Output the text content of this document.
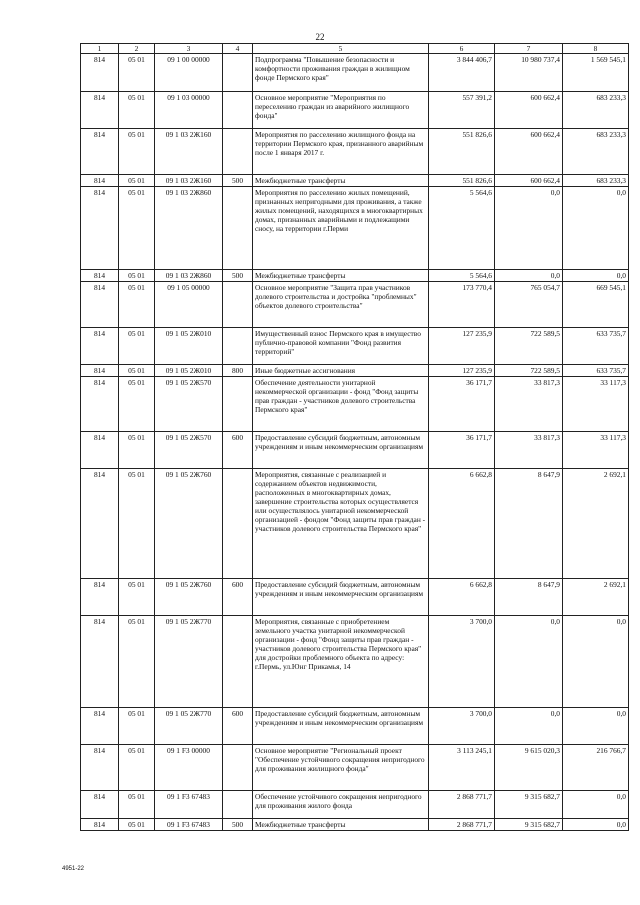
22
1	2	3	4	5	6	7	8
814	05 01	09 1 00 00000		Подпрограмма "Повышение безопасности и комфортности проживания граждан в жилищном фонде Пермского края"	3 844 406,7	10 980 737,4	1 569 545,1
814	05 01	09 1 03 00000		Основное мероприятие "Мероприятия по переселению граждан из аварийного жилищного фонда"	557 391,2	600 662,4	683 233,3
814	05 01	09 1 03 2Ж160		Мероприятия по расселению жилищного фонда на территории Пермского края, признанного аварийным после 1 января 2017 г.	551 826,6	600 662,4	683 233,3
814	05 01	09 1 03 2Ж160	500	Межбюджетные трансферты	551 826,6	600 662,4	683 233,3
814	05 01	09 1 03 2Ж860		Мероприятия по расселению жилых помещений, признанных непригодными для проживания, а также жилых помещений, находящихся в многоквартирных домах, признанных аварийными и подлежащими сносу, на территории г.Перми	5 564,6	0,0	0,0
814	05 01	09 1 03 2Ж860	500	Межбюджетные трансферты	5 564,6	0,0	0,0
814	05 01	09 1 05 00000		Основное мероприятие "Защита прав участников долевого строительства и достройка "проблемных" объектов долевого строительства"	173 770,4	765 054,7	669 545,1
814	05 01	09 1 05 2Ж010		Имущественный взнос Пермского края в имущество публично-правовой компании "Фонд развития территорий"	127 235,9	722 589,5	633 735,7
814	05 01	09 1 05 2Ж010	800	Иные бюджетные ассигнования	127 235,9	722 589,5	633 735,7
814	05 01	09 1 05 2Ж570		Обеспечение деятельности унитарной некоммерческой организации - фонд "Фонд защиты прав граждан - участников долевого строительства Пермского края"	36 171,7	33 817,3	33 117,3
814	05 01	09 1 05 2Ж570	600	Предоставление субсидий бюджетным, автономным учреждениям и иным некоммерческим организациям	36 171,7	33 817,3	33 117,3
814	05 01	09 1 05 2Ж760		Мероприятия, связанные с реализацией и содержанием объектов недвижимости, расположенных в многоквартирных домах, завершение строительства которых осуществляется или осуществлялось унитарной некоммерческой организацией - фондом "Фонд защиты прав граждан - участников долевого строительства Пермского края"	6 662,8	8 647,9	2 692,1
814	05 01	09 1 05 2Ж760	600	Предоставление субсидий бюджетным, автономным учреждениям и иным некоммерческим организациям	6 662,8	8 647,9	2 692,1
814	05 01	09 1 05 2Ж770		Мероприятия, связанные с приобретением земельного участка унитарной некоммерческой организации - фонд "Фонд защиты прав граждан - участников долевого строительства Пермского края" для достройки проблемного объекта по адресу: г.Пермь, ул.Юнг Прикамья, 14	3 700,0	0,0	0,0
814	05 01	09 1 05 2Ж770	600	Предоставление субсидий бюджетным, автономным учреждениям и иным некоммерческим организациям	3 700,0	0,0	0,0
814	05 01	09 1 F3 00000		Основное мероприятие "Региональный проект "Обеспечение устойчивого сокращения непригодного для проживания жилищного фонда"	3 113 245,1	9 615 020,3	216 766,7
814	05 01	09 1 F3 67483		Обеспечение устойчивого сокращения непригодного для проживания жилого фонда	2 868 771,7	9 315 682,7	0,0
814	05 01	09 1 F3 67483	500	Межбюджетные трансферты	2 868 771,7	9 315 682,7	0,0
4951-22
